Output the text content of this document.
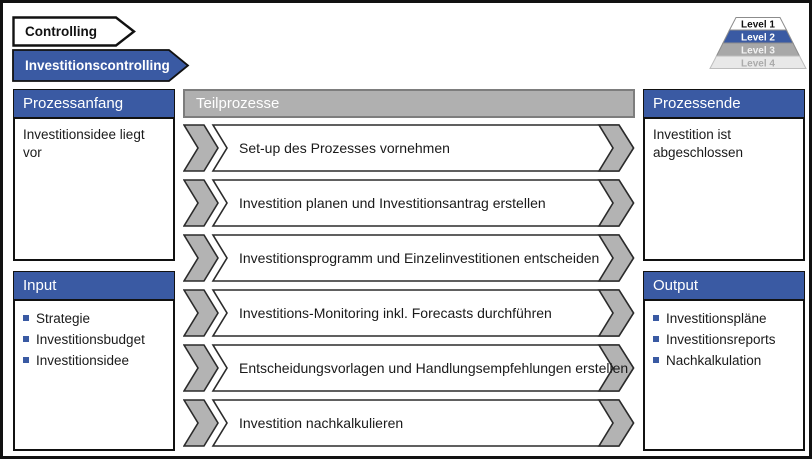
Controlling
Investitionscontrolling
Level 1
Level 2
Level 3
Level 4
Prozessanfang
Investitionsidee liegt vor
Input
Strategie
Investitionsbudget
Investitionsidee
Teilprozesse
Set-up des Prozesses vornehmen
Investition planen und Investitionsantrag erstellen
Investitionsprogramm und Einzelinvestitionen entscheiden
Investitions-Monitoring inkl. Forecasts durchführen
Entscheidungsvorlagen und Handlungsempfehlungen erstellen
Investition nachkalkulieren
Prozessende
Investition ist abgeschlossen
Output
Investitionspläne
Investitionsreports
Nachkalkulation
